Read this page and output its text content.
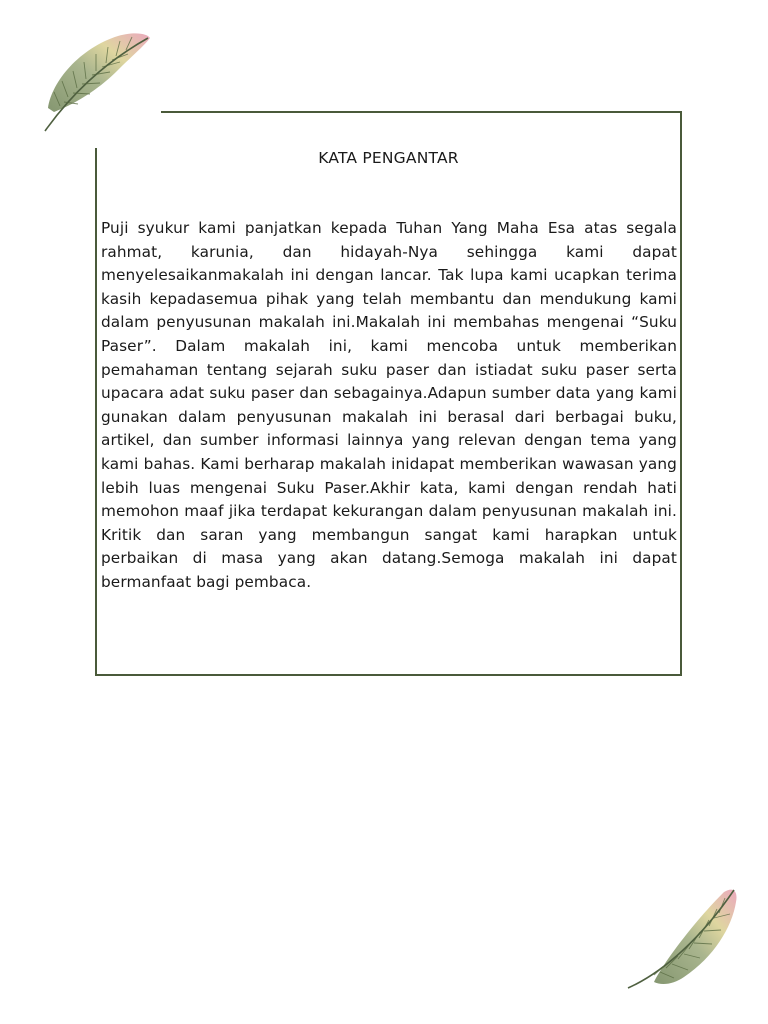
KATA PENGANTAR

Puji syukur kami panjatkan kepada Tuhan Yang Maha Esa atas segala rahmat, karunia, dan hidayah-Nya sehingga kami dapat menyelesaikanmakalah ini dengan lancar. Tak lupa kami ucapkan terima kasih kepadasemua pihak yang telah membantu dan mendukung kami dalam penyusunan makalah ini.Makalah ini membahas mengenai “Suku Paser”. Dalam makalah ini, kami mencoba untuk memberikan pemahaman tentang sejarah suku paser dan istiadat suku paser serta upacara adat suku paser dan sebagainya.Adapun sumber data yang kami gunakan dalam penyusunan makalah ini berasal dari berbagai buku, artikel, dan sumber informasi lainnya yang relevan dengan tema yang kami bahas. Kami berharap makalah inidapat memberikan wawasan yang lebih luas mengenai Suku Paser.Akhir kata, kami dengan rendah hati memohon maaf jika terdapat kekurangan dalam penyusunan makalah ini. Kritik dan saran yang membangun sangat kami harapkan untuk perbaikan di masa yang akan datang.Semoga makalah ini dapat bermanfaat bagi pembaca.
